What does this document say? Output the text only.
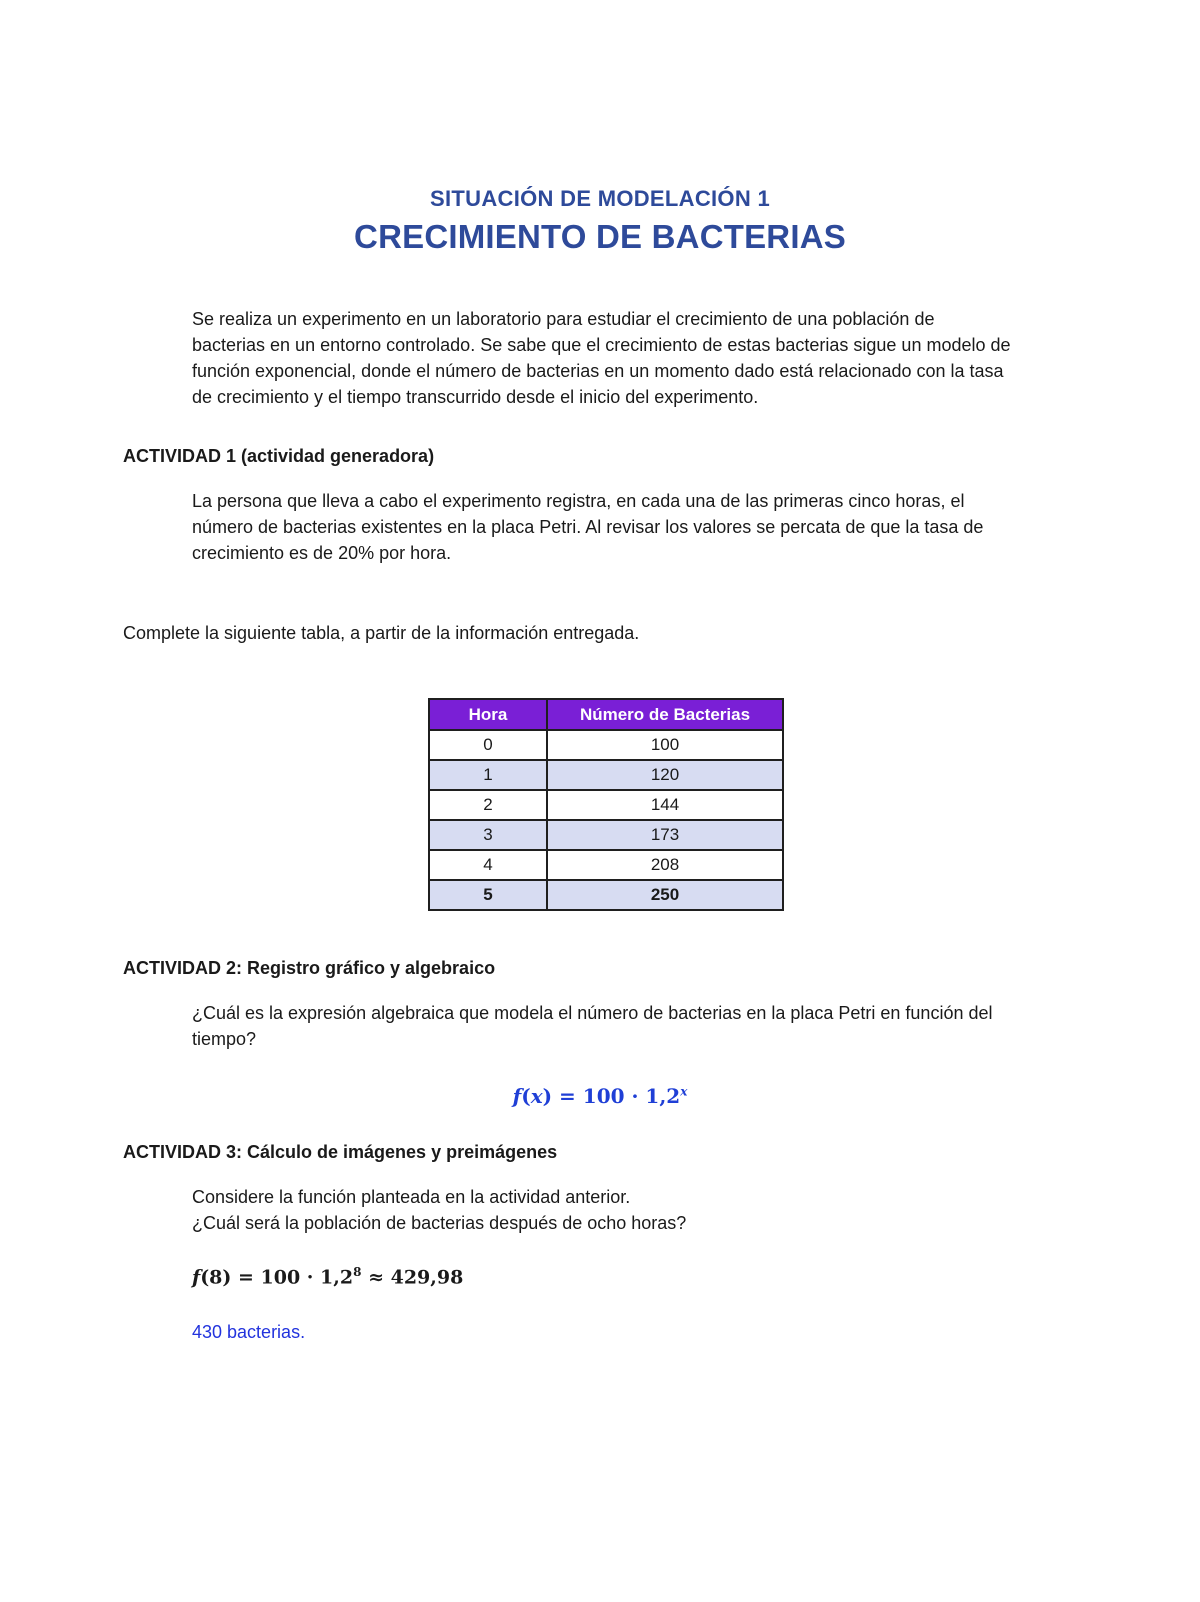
SITUACIÓN DE MODELACIÓN 1
CRECIMIENTO DE BACTERIAS
Se realiza un experimento en un laboratorio para estudiar el crecimiento de una población de
bacterias en un entorno controlado. Se sabe que el crecimiento de estas bacterias sigue un modelo de
función exponencial, donde el número de bacterias en un momento dado está relacionado con la tasa
de crecimiento y el tiempo transcurrido desde el inicio del experimento.
ACTIVIDAD 1 (actividad generadora)
La persona que lleva a cabo el experimento registra, en cada una de las primeras cinco horas, el
número de bacterias existentes en la placa Petri. Al revisar los valores se percata de que la tasa de
crecimiento es de 20% por hora.
Complete la siguiente tabla, a partir de la información entregada.
Hora	Número de Bacterias
0	100
1	120
2	144
3	173
4	208
5	250
ACTIVIDAD 2: Registro gráfico y algebraico
¿Cuál es la expresión algebraica que modela el número de bacterias en la placa Petri en función del
tiempo?
$f(x) = 100 \cdot 1,2^x$
ACTIVIDAD 3: Cálculo de imágenes y preimágenes
Considere la función planteada en la actividad anterior.
¿Cuál será la población de bacterias después de ocho horas?
$f(8) = 100 \cdot 1,2^8 \approx 429,98$
430 bacterias.
